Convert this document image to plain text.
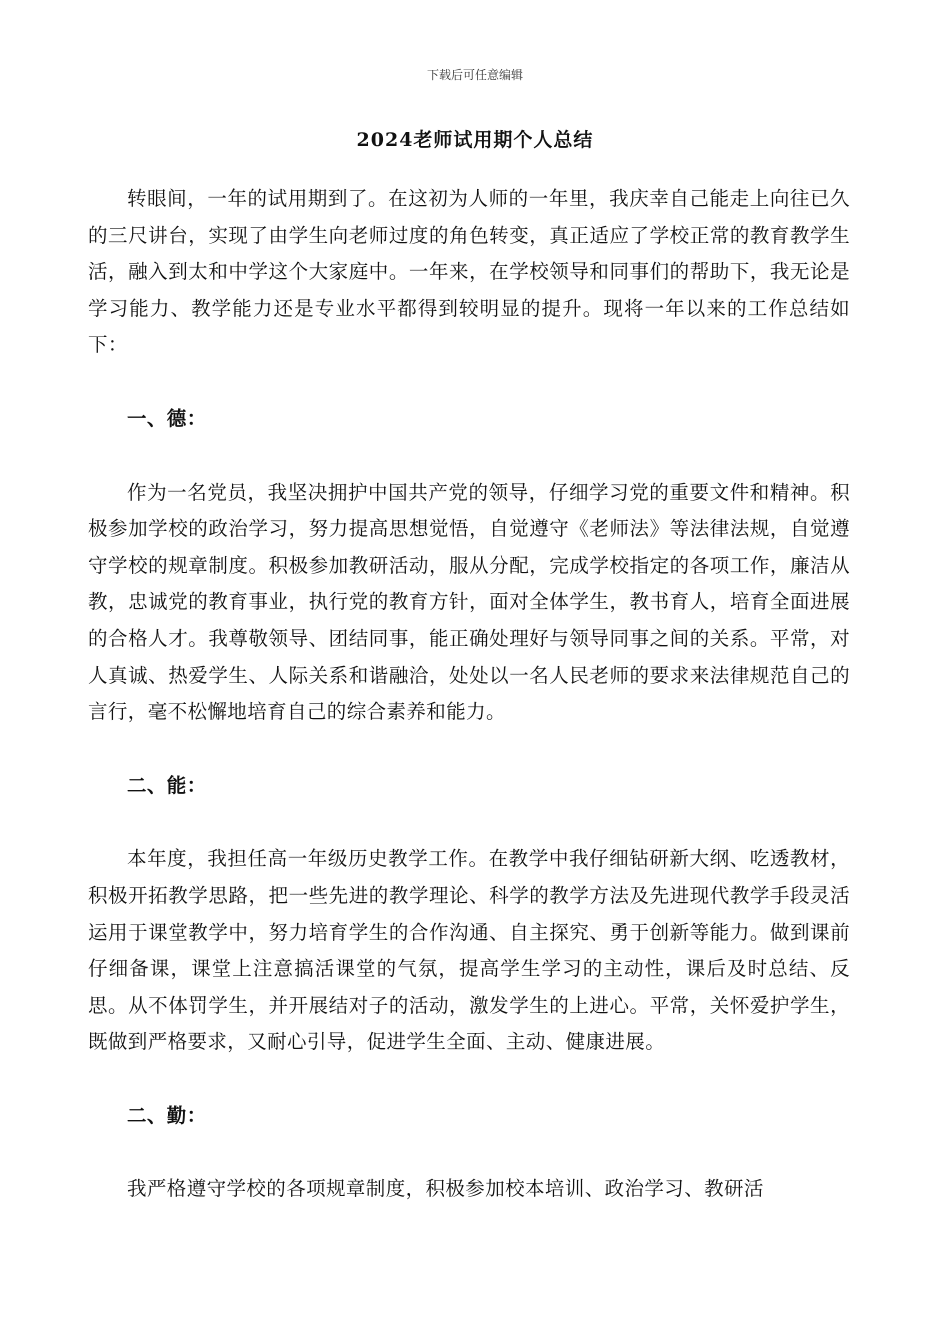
下载后可任意编辑
2024老师试用期个人总结

转眼间，一年的试用期到了。在这初为人师的一年里，我庆幸自己能走上向往已久的三尺讲台，实现了由学生向老师过度的角色转变，真正适应了学校正常的教育教学生活，融入到太和中学这个大家庭中。一年来，在学校领导和同事们的帮助下，我无论是学习能力、教学能力还是专业水平都得到较明显的提升。现将一年以来的工作总结如下：

一、德：

作为一名党员，我坚决拥护中国共产党的领导，仔细学习党的重要文件和精神。积极参加学校的政治学习，努力提高思想觉悟，自觉遵守《老师法》等法律法规，自觉遵守学校的规章制度。积极参加教研活动，服从分配，完成学校指定的各项工作，廉洁从教，忠诚党的教育事业，执行党的教育方针，面对全体学生，教书育人，培育全面进展的合格人才。我尊敬领导、团结同事，能正确处理好与领导同事之间的关系。平常，对人真诚、热爱学生、人际关系和谐融洽，处处以一名人民老师的要求来法律规范自己的言行，毫不松懈地培育自己的综合素养和能力。

二、能：

本年度，我担任高一年级历史教学工作。在教学中我仔细钻研新大纲、吃透教材，积极开拓教学思路，把一些先进的教学理论、科学的教学方法及先进现代教学手段灵活运用于课堂教学中，努力培育学生的合作沟通、自主探究、勇于创新等能力。做到课前仔细备课，课堂上注意搞活课堂的气氛，提高学生学习的主动性，课后及时总结、反思。从不体罚学生，并开展结对子的活动，激发学生的上进心。平常，关怀爱护学生，既做到严格要求，又耐心引导，促进学生全面、主动、健康进展。

二、勤：

我严格遵守学校的各项规章制度，积极参加校本培训、政治学习、教研活
